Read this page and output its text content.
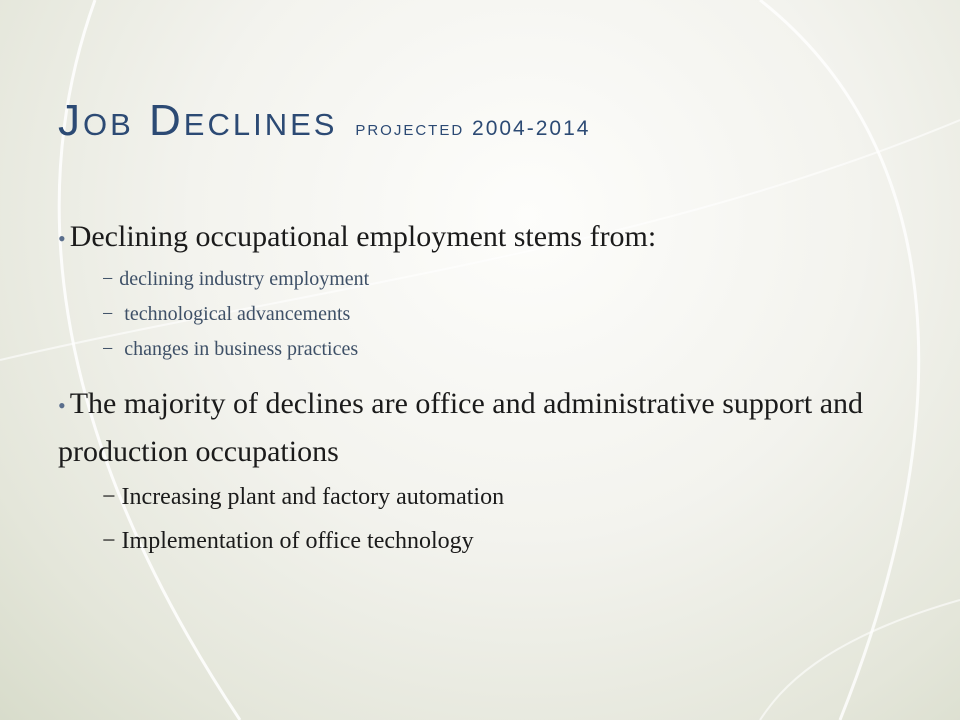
Job Declines projected 2004-2014

• Declining occupational employment stems from:

− declining industry employment

− technological advancements

− changes in business practices

• The majority of declines are office and administrative support and production occupations

− Increasing plant and factory automation

− Implementation of office technology
